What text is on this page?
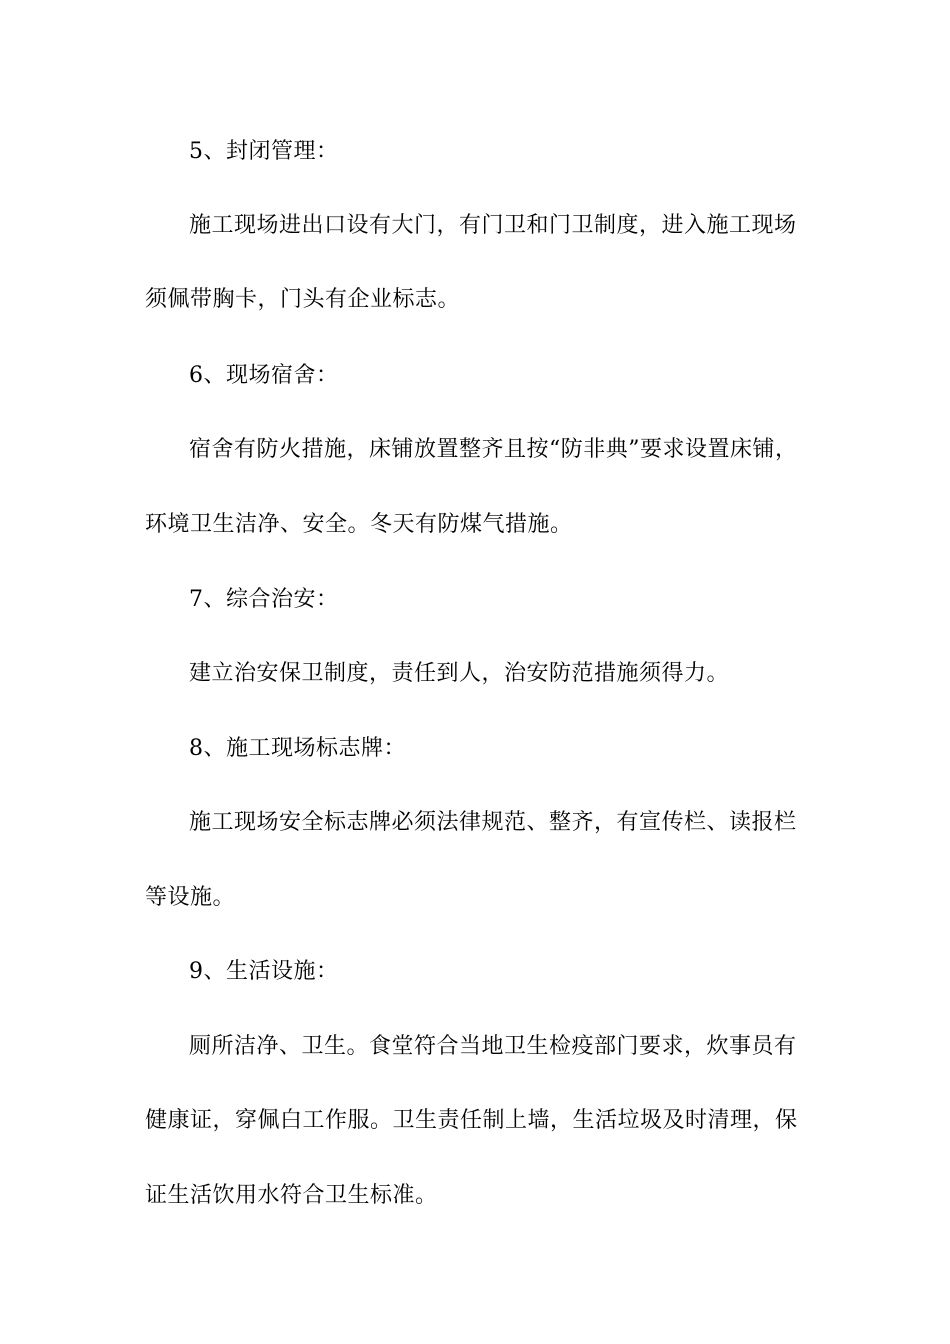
5、封闭管理：
施工现场进出口设有大门，有门卫和门卫制度，进入施工现场
须佩带胸卡，门头有企业标志。
6、现场宿舍：
宿舍有防火措施，床铺放置整齐且按“防非典”要求设置床铺，
环境卫生洁净、安全。冬天有防煤气措施。
7、综合治安：
建立治安保卫制度，责任到人，治安防范措施须得力。
8、施工现场标志牌：
施工现场安全标志牌必须法律规范、整齐，有宣传栏、读报栏
等设施。
9、生活设施：
厕所洁净、卫生。食堂符合当地卫生检疫部门要求，炊事员有
健康证，穿佩白工作服。卫生责任制上墙，生活垃圾及时清理，保
证生活饮用水符合卫生标准。
